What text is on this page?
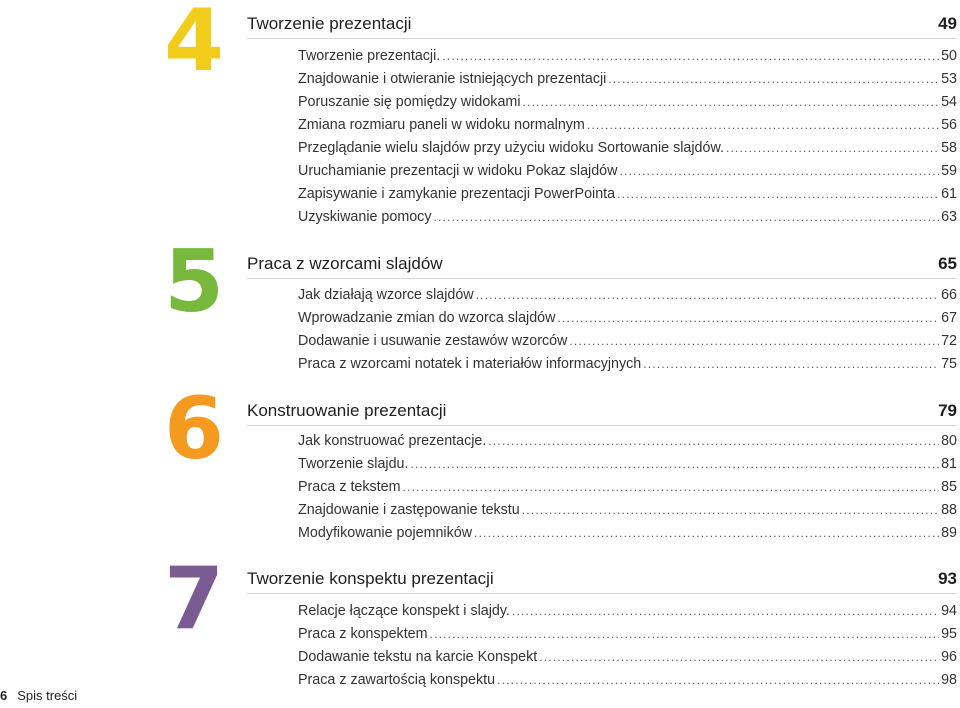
4	Tworzenie prezentacji	49
Tworzenie prezentacji. .....	50
Znajdowanie i otwieranie istniejących prezentacji .....	53
Poruszanie się pomiędzy widokami .....	54
Zmiana rozmiaru paneli w widoku normalnym .....	56
Przeglądanie wielu slajdów przy użyciu widoku Sortowanie slajdów. .....	58
Uruchamianie prezentacji w widoku Pokaz slajdów .....	59
Zapisywanie i zamykanie prezentacji PowerPointa .....	61
Uzyskiwanie pomocy .....	63
5	Praca z wzorcami slajdów	65
Jak działają wzorce slajdów .....	66
Wprowadzanie zmian do wzorca slajdów .....	67
Dodawanie i usuwanie zestawów wzorców .....	72
Praca z wzorcami notatek i materiałów informacyjnych .....	75
6	Konstruowanie prezentacji	79
Jak konstruować prezentacje. .....	80
Tworzenie slajdu. .....	81
Praca z tekstem .....	85
Znajdowanie i zastępowanie tekstu .....	88
Modyfikowanie pojemników .....	89
7	Tworzenie konspektu prezentacji	93
Relacje łączące konspekt i slajdy. .....	94
Praca z konspektem .....	95
Dodawanie tekstu na karcie Konspekt .....	96
Praca z zawartością konspektu .....	98
6 Spis treści
